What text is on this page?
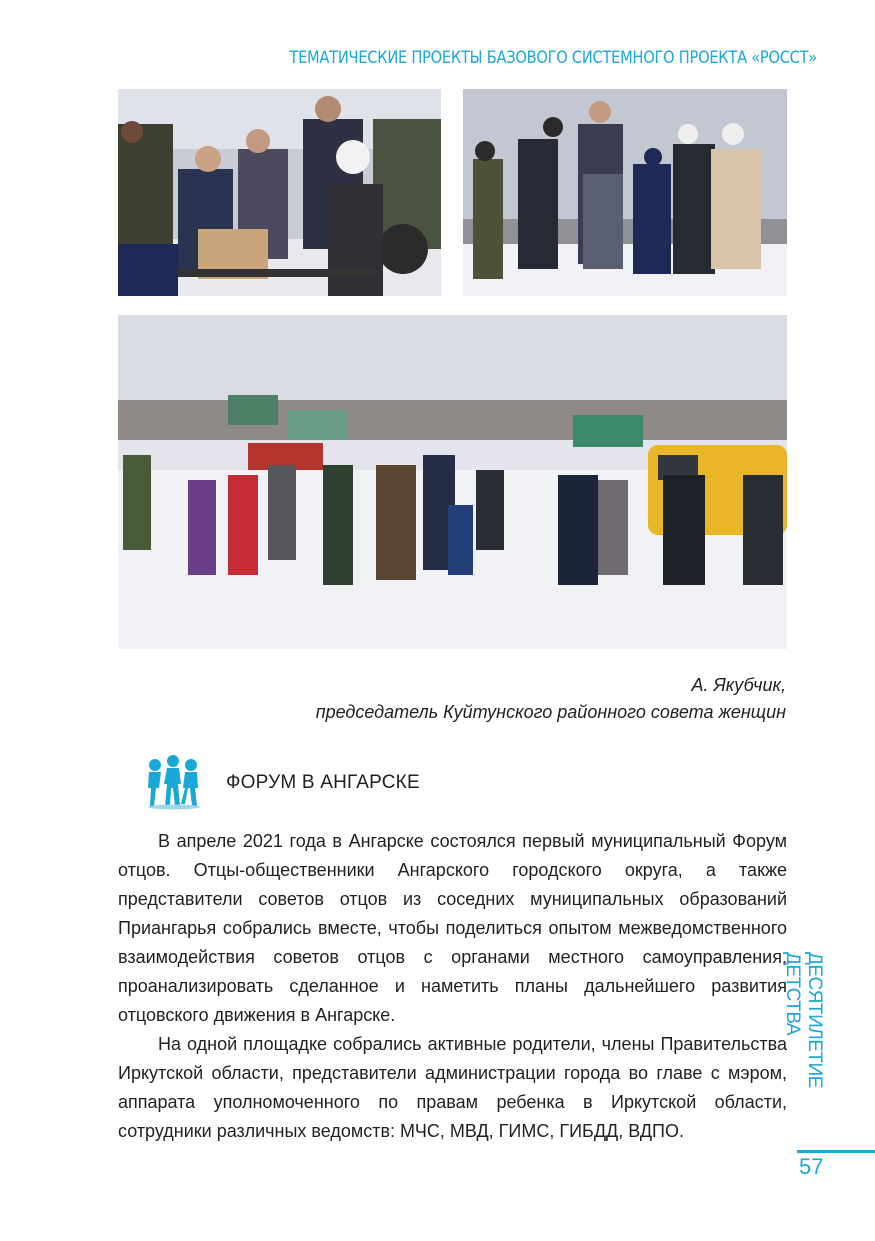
ТЕМАТИЧЕСКИЕ ПРОЕКТЫ БАЗОВОГО СИСТЕМНОГО ПРОЕКТА «РОССТ»
А. Якубчик,
председатель Куйтунского районного совета женщин
ФОРУМ В АНГАРСКЕ

В апреле 2021 года в Ангарске состоялся первый муниципальный Форум отцов. Отцы-общественники Ангарского городского округа, а также представители советов отцов из соседних муниципальных образований Приангарья собрались вместе, чтобы поделиться опытом межведомственного взаимодействия советов отцов с органами местного самоуправления, проанализировать сделанное и наметить планы дальнейшего развития отцовского движения в Ангарске.

На одной площадке собрались активные родители, члены Правительства Иркутской области, представители администрации города во главе с мэром, аппарата уполномоченного по правам ребенка в Иркутской области, сотрудники различных ведомств: МЧС, МВД, ГИМС, ГИБДД, ВДПО.

ДЕСЯТИЛЕТИЕ ДЕТСТВА
57
